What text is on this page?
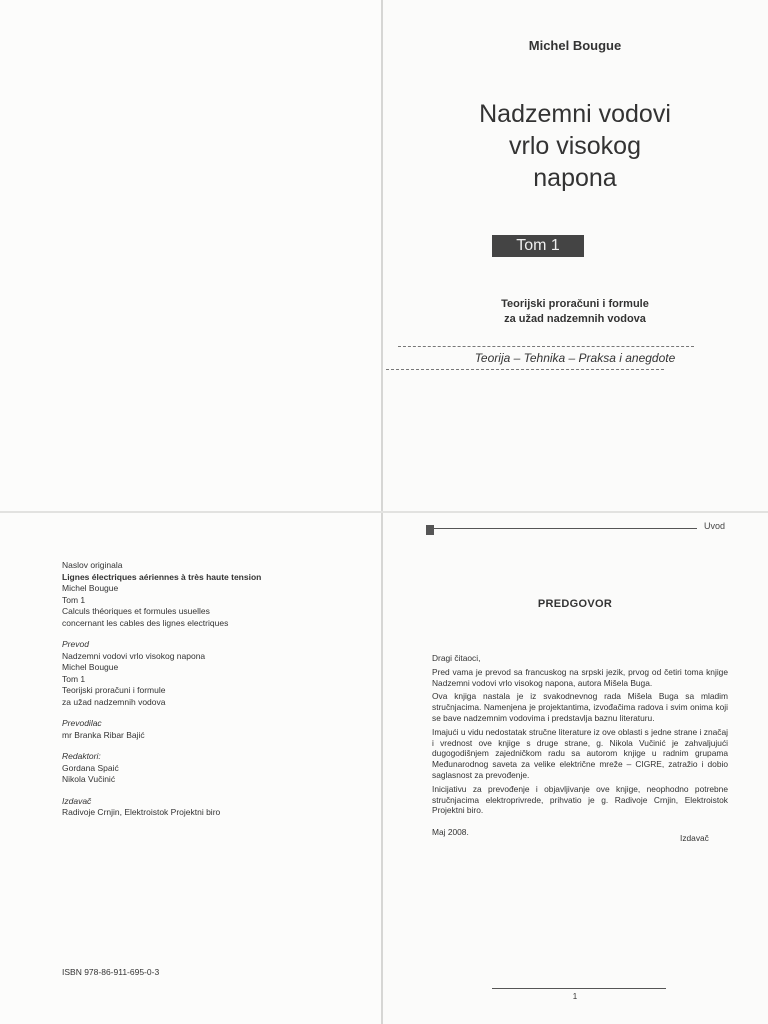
Michel Bougue
Nadzemni vodovi
vrlo visokog
napona
Tom 1
Teorijski proračuni i formule
za užad nadzemnih vodova
Teorija – Tehnika – Praksa i anegdote
Naslov originala
Lignes électriques aériennes à très haute tension
Michel Bougue
Tom 1
Calculs théoriques et formules usuelles
concernant les cables des lignes electriques
Prevod
Nadzemni vodovi vrlo visokog napona
Michel Bougue
Tom 1
Teorijski proračuni i formule
za užad nadzemnih vodova
Prevodilac
mr Branka Ribar Bajić
Redaktori:
Gordana Spaić
Nikola Vučinić
Izdavač
Radivoje Crnjin, Elektroistok Projektni biro
ISBN 978-86-911-695-0-3
Uvod
PREDGOVOR

Dragi čitaoci,

Pred vama je prevod sa francuskog na srpski jezik, prvog od četiri toma knjige Nadzemni vodovi vrlo visokog napona, autora Mišela Buga.

Ova knjiga nastala je iz svakodnevnog rada Mišela Buga sa mladim stručnjacima. Namenjena je projektantima, izvođačima radova i svim onima koji se bave nadzemnim vodovima i predstavlja baznu literaturu.

Imajući u vidu nedostatak stručne literature iz ove oblasti s jedne strane i značaj i vrednost ove knjige s druge strane, g. Nikola Vučinić je zahvaljujući dugogodišnjem zajedničkom radu sa autorom knjige u radnim grupama Međunarodnog saveta za velike električne mreže – CIGRE, zatražio i dobio saglasnost za prevođenje.

Inicijativu za prevođenje i objavljivanje ove knjige, neophodno potrebne stručnjacima elektroprivrede, prihvatio je g. Radivoje Crnjin, Elektroistok Projektni biro.

Maj 2008.

Izdavač
1
